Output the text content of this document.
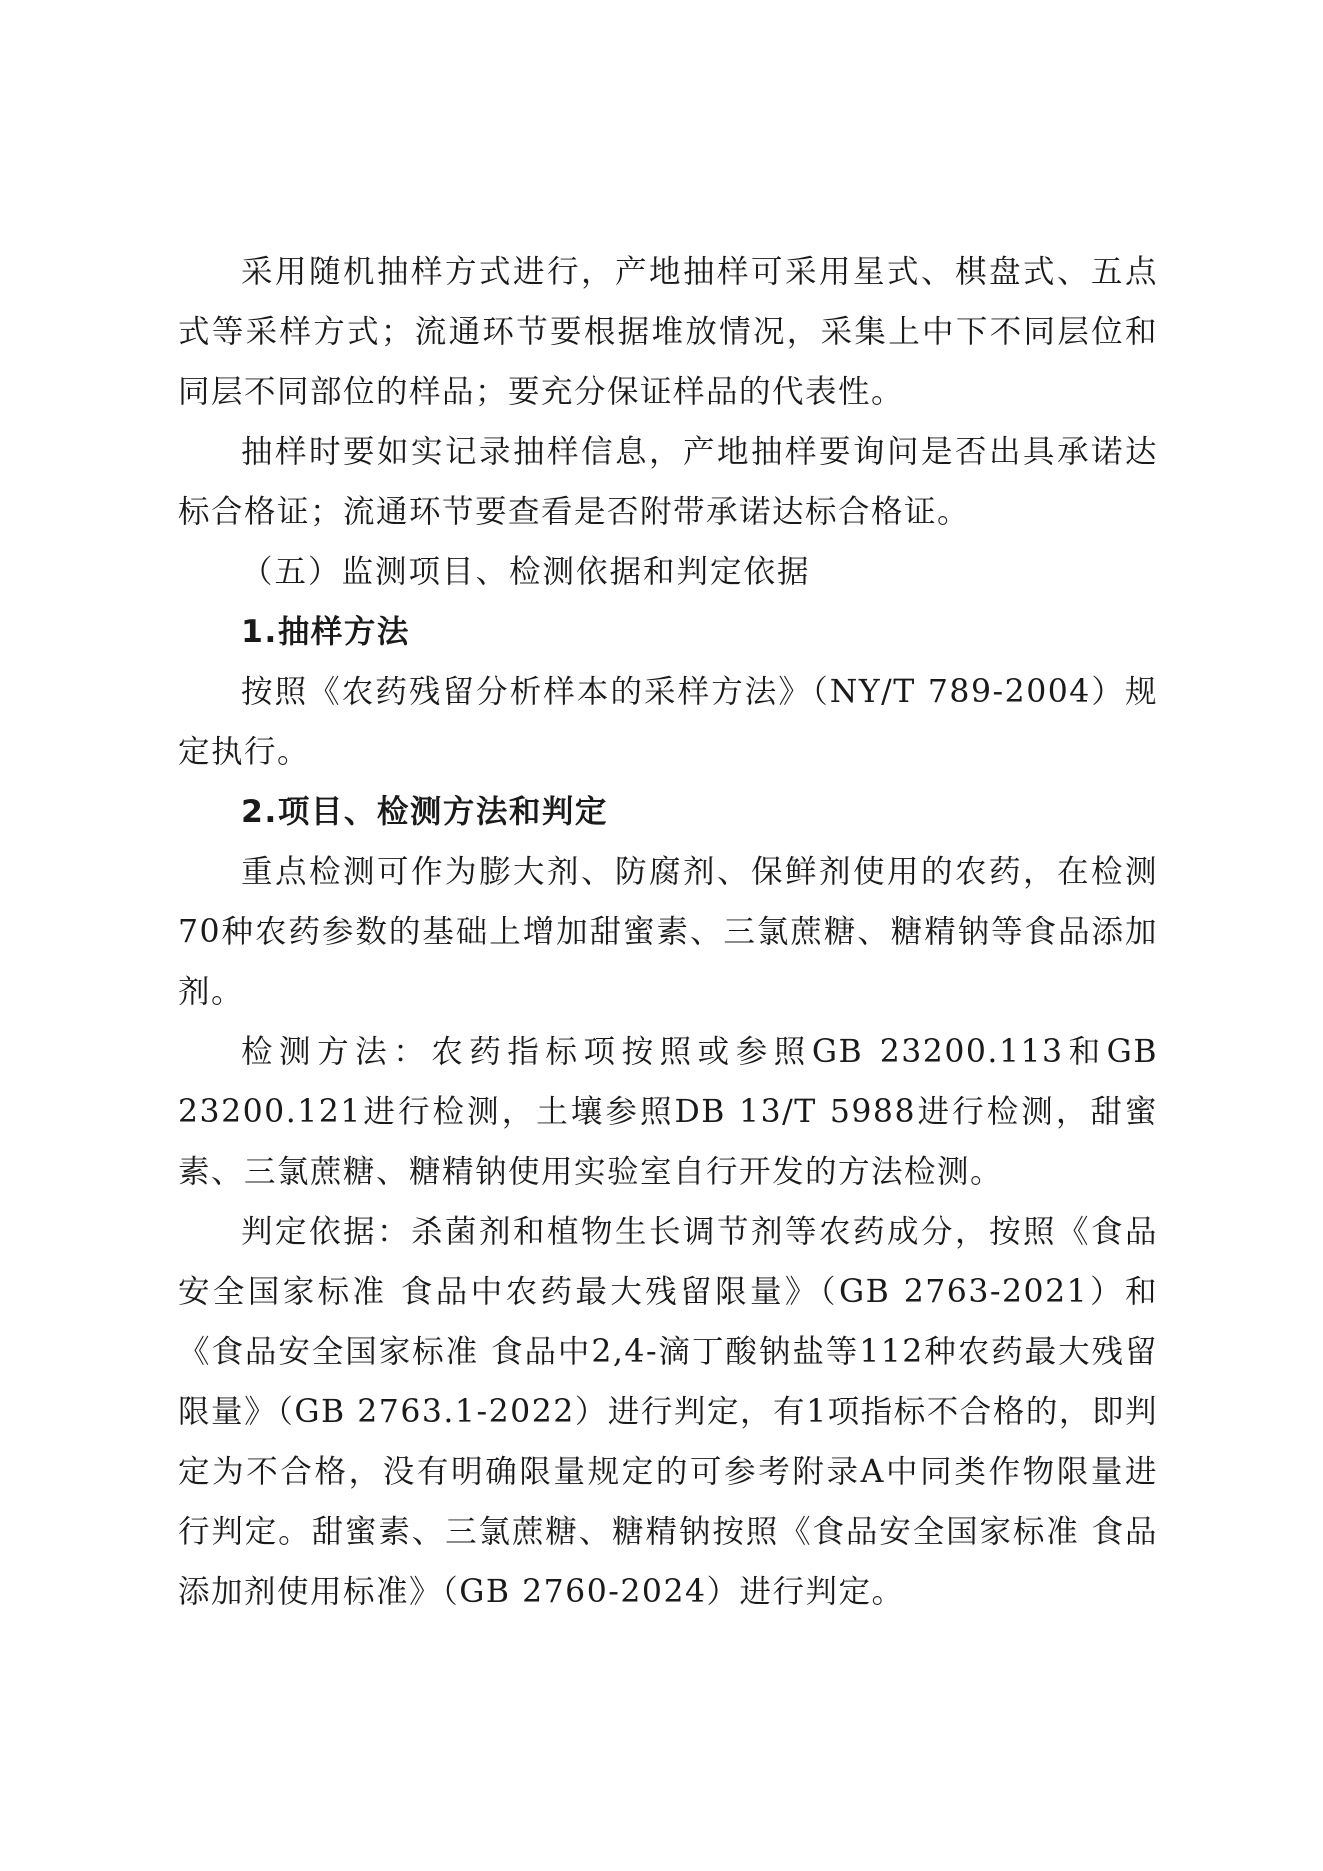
采用随机抽样方式进行，产地抽样可采用星式、棋盘式、五点式等采样方式；流通环节要根据堆放情况，采集上中下不同层位和同层不同部位的样品；要充分保证样品的代表性。

抽样时要如实记录抽样信息，产地抽样要询问是否出具承诺达标合格证；流通环节要查看是否附带承诺达标合格证。

（五）监测项目、检测依据和判定依据

1.抽样方法

按照《农药残留分析样本的采样方法》（NY/T 789-2004）规定执行。

2.项目、检测方法和判定

重点检测可作为膨大剂、防腐剂、保鲜剂使用的农药，在检测70种农药参数的基础上增加甜蜜素、三氯蔗糖、糖精钠等食品添加剂。

检测方法：农药指标项按照或参照GB 23200.113和GB 23200.121进行检测，土壤参照DB 13/T 5988进行检测，甜蜜素、三氯蔗糖、糖精钠使用实验室自行开发的方法检测。

判定依据：杀菌剂和植物生长调节剂等农药成分，按照《食品安全国家标准 食品中农药最大残留限量》（GB 2763-2021）和《食品安全国家标准 食品中2,4-滴丁酸钠盐等112种农药最大残留限量》（GB 2763.1-2022）进行判定，有1项指标不合格的，即判定为不合格，没有明确限量规定的可参考附录A中同类作物限量进行判定。甜蜜素、三氯蔗糖、糖精钠按照《食品安全国家标准 食品添加剂使用标准》（GB 2760-2024）进行判定。
